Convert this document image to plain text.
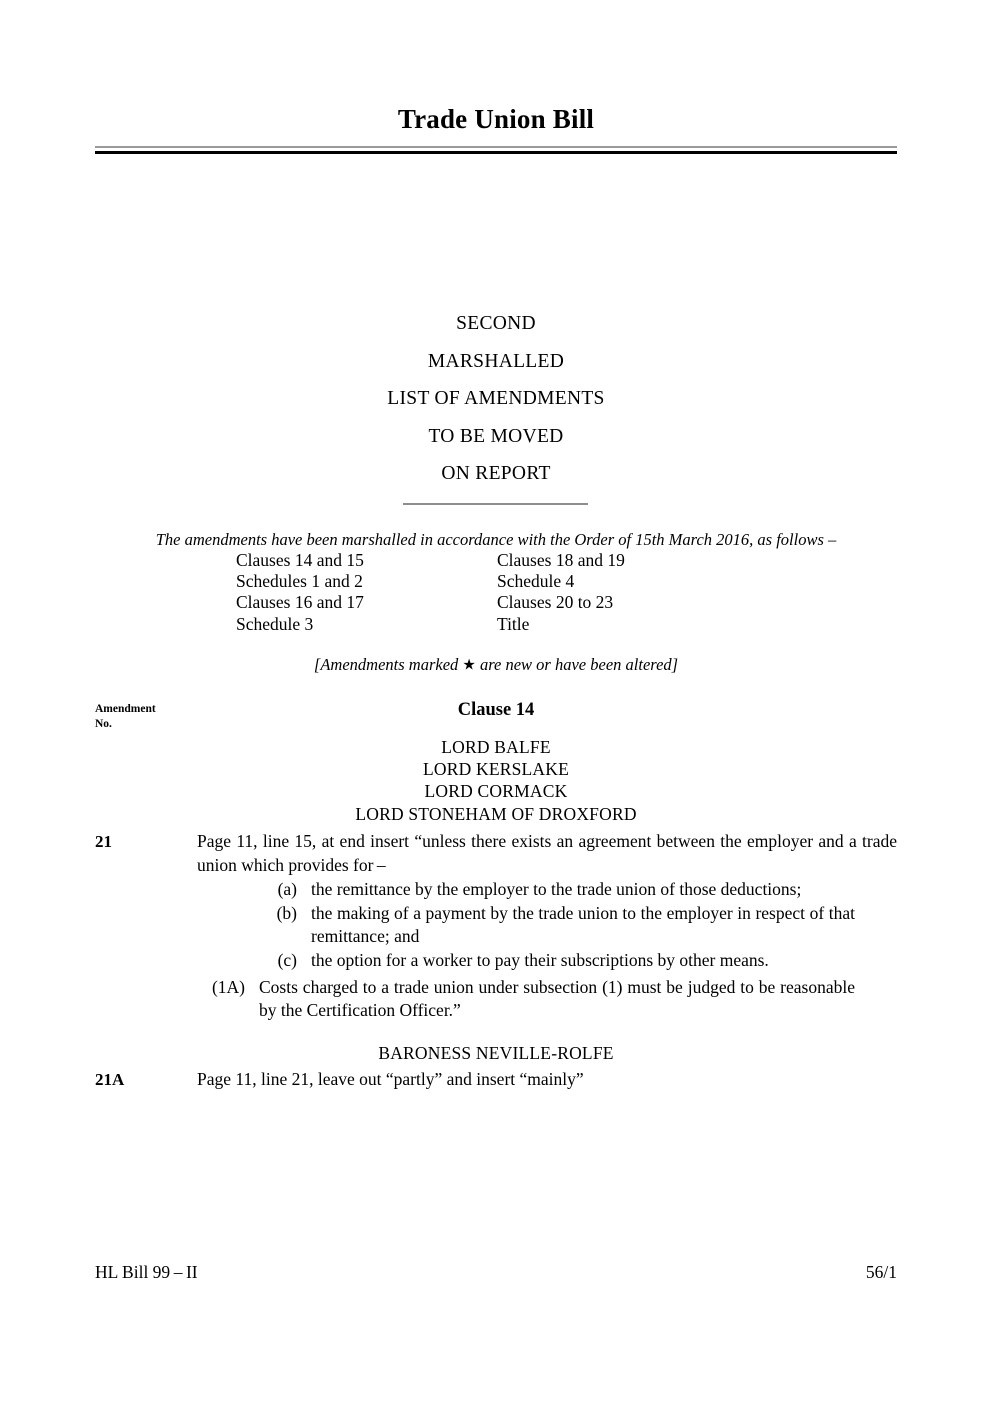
Trade Union Bill
SECOND
MARSHALLED
LIST OF AMENDMENTS
TO BE MOVED
ON REPORT
The amendments have been marshalled in accordance with the Order of 15th March 2016, as follows –
Clauses 14 and 15	Clauses 18 and 19
Schedules 1 and 2	Schedule 4
Clauses 16 and 17	Clauses 20 to 23
Schedule 3	Title
[Amendments marked ★ are new or have been altered]
Amendment
No.
Clause 14
LORD BALFE
LORD KERSLAKE
LORD CORMACK
LORD STONEHAM OF DROXFORD
21	Page 11, line 15, at end insert “unless there exists an agreement between the employer and a trade union which provides for –
(a) the remittance by the employer to the trade union of those deductions;
(b) the making of a payment by the trade union to the employer in respect of that remittance; and
(c) the option for a worker to pay their subscriptions by other means.
(1A) Costs charged to a trade union under subsection (1) must be judged to be reasonable by the Certification Officer.”
BARONESS NEVILLE-ROLFE
21A	Page 11, line 21, leave out “partly” and insert “mainly”
HL Bill 99 – II	56/1
